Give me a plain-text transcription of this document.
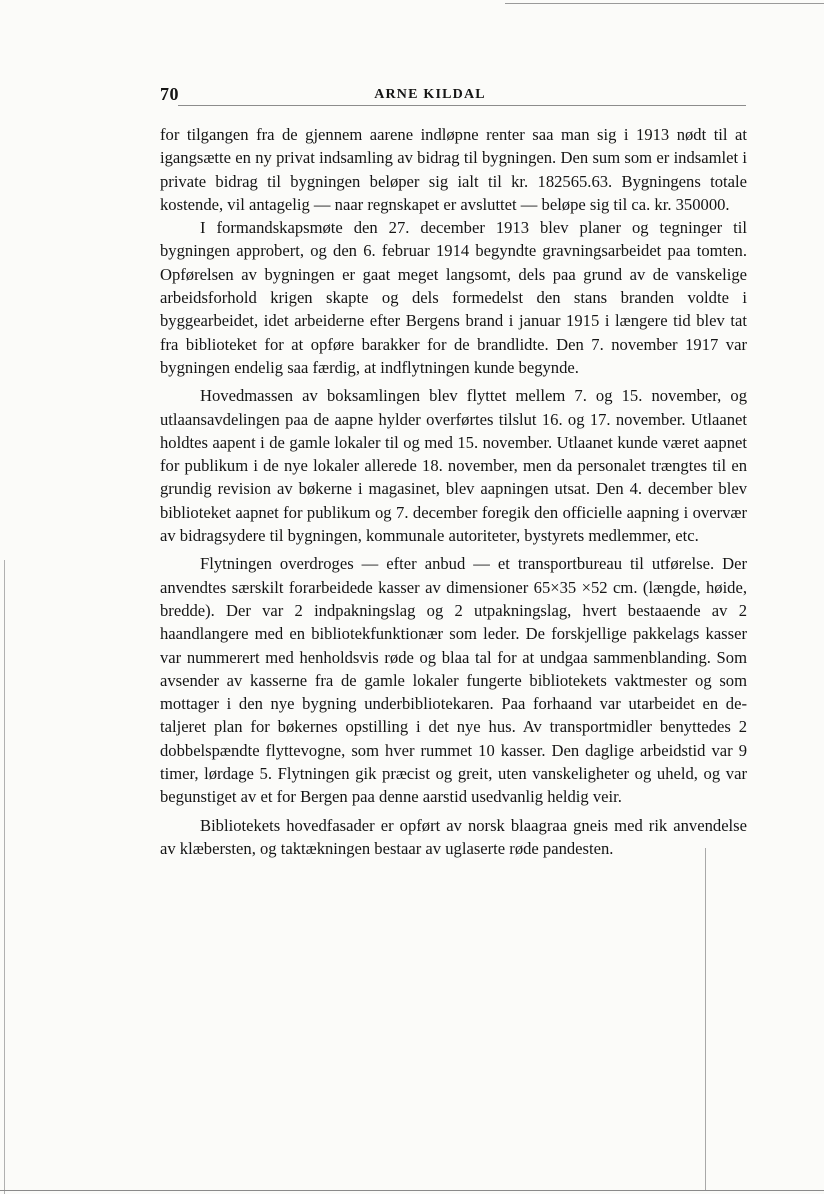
70	ARNE KILDAL

for tilgangen fra de gjennem aarene indløpne renter saa man sig i 1913 nødt til at igangsætte en ny privat indsamling av bidrag til bygningen. Den sum som er indsamlet i private bidrag til bygningen beløper sig ialt til kr. 182565.63. Bygningens totale kostende, vil antagelig — naar regnskapet er avsluttet — beløpe sig til ca. kr. 350000.

I formandskapsmøte den 27. december 1913 blev planer og tegninger til bygningen approbert, og den 6. februar 1914 begyndte gravningsarbeidet paa tomten. Opførelsen av bygningen er gaat meget langsomt, dels paa grund av de vanskelige arbeidsforhold krigen skapte og dels formedelst den stans branden voldte i byggearbeidet, idet arbeiderne efter Bergens brand i januar 1915 i længere tid blev tat fra biblioteket for at opføre barakker for de brandlidte. Den 7. november 1917 var bygningen endelig saa færdig, at indflytningen kunde begynde.

Hovedmassen av boksamlingen blev flyttet mellem 7. og 15. november, og utlaansavdelingen paa de aapne hylder overførtes tilslut 16. og 17. november. Utlaanet holdtes aapent i de gamle lokaler til og med 15. november. Utlaanet kunde været aapnet for publikum i de nye lokaler allerede 18. november, men da personalet trængtes til en grundig revision av bøkerne i magasinet, blev aapningen utsat. Den 4. december blev biblioteket aapnet for publikum og 7. december foregik den officielle aapning i overvær av bidragsydere til bygningen, kommunale autoriteter, bystyrets medlemmer, etc.

Flytningen overdroges — efter anbud — et transportbureau til utførelse. Der anvendtes særskilt forarbeidede kasser av dimensioner 65×35 ×52 cm. (længde, høide, bredde). Der var 2 indpakningslag og 2 utpakningslag, hvert bestaaende av 2 haandlangere med en bibliotekfunktionær som leder. De forskjellige pakkelags kasser var nummerert med henholdsvis røde og blaa tal for at undgaa sammenblanding. Som avsender av kasserne fra de gamle lokaler fungerte bibliotekets vaktmester og som mottager i den nye bygning underbibliotekaren. Paa forhaand var utarbeidet en detaljeret plan for bøkernes opstilling i det nye hus. Av transportmidler benyttedes 2 dobbelspændte flyttevogne, som hver rummet 10 kasser. Den daglige arbeidstid var 9 timer, lørdage 5. Flytningen gik præcist og greit, uten vanskeligheter og uheld, og var begunstiget av et for Bergen paa denne aarstid usedvanlig heldig veir.

Bibliotekets hovedfasader er opført av norsk blaagraa gneis med rik anvendelse av klæbersten, og taktækningen bestaar av uglaserte røde pandesten.
